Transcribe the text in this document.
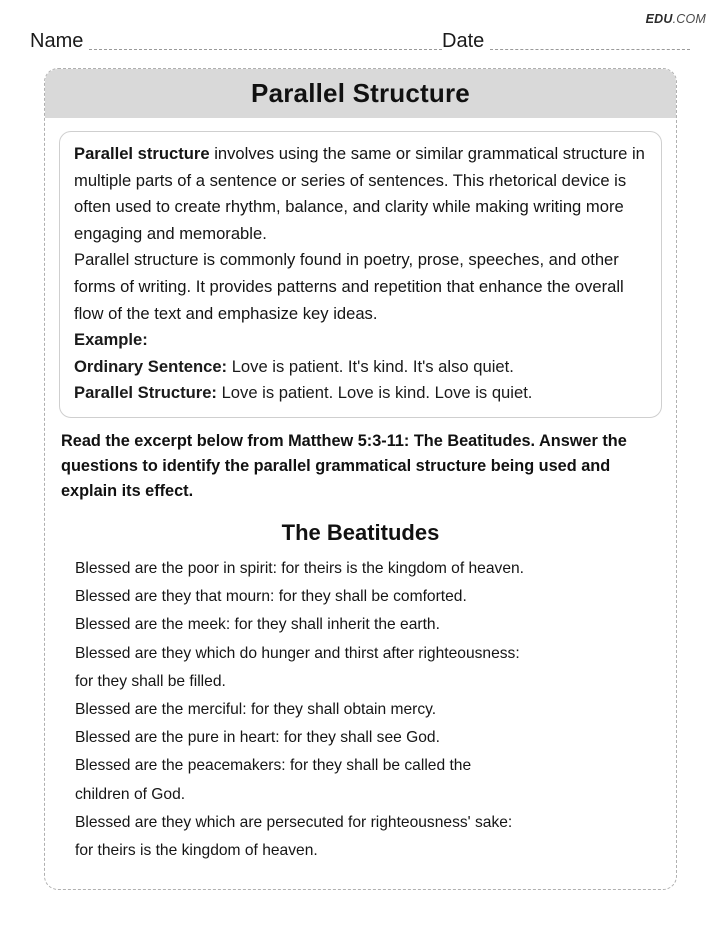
EDU.COM
Name	Date
Parallel Structure

Parallel structure involves using the same or similar grammatical structure in multiple parts of a sentence or series of sentences. This rhetorical device is often used to create rhythm, balance, and clarity while making writing more engaging and memorable.

Parallel structure is commonly found in poetry, prose, speeches, and other forms of writing. It provides patterns and repetition that enhance the overall flow of the text and emphasize key ideas.

Example:

Ordinary Sentence: Love is patient. It's kind. It's also quiet.

Parallel Structure: Love is patient. Love is kind. Love is quiet.

Read the excerpt below from Matthew 5:3-11: The Beatitudes. Answer the questions to identify the parallel grammatical structure being used and explain its effect.
The Beatitudes
Blessed are the poor in spirit: for theirs is the kingdom of heaven.
Blessed are they that mourn: for they shall be comforted.
Blessed are the meek: for they shall inherit the earth.
Blessed are they which do hunger and thirst after righteousness:
for they shall be filled.
Blessed are the merciful: for they shall obtain mercy.
Blessed are the pure in heart: for they shall see God.
Blessed are the peacemakers: for they shall be called the
children of God.
Blessed are they which are persecuted for righteousness' sake:
for theirs is the kingdom of heaven.
